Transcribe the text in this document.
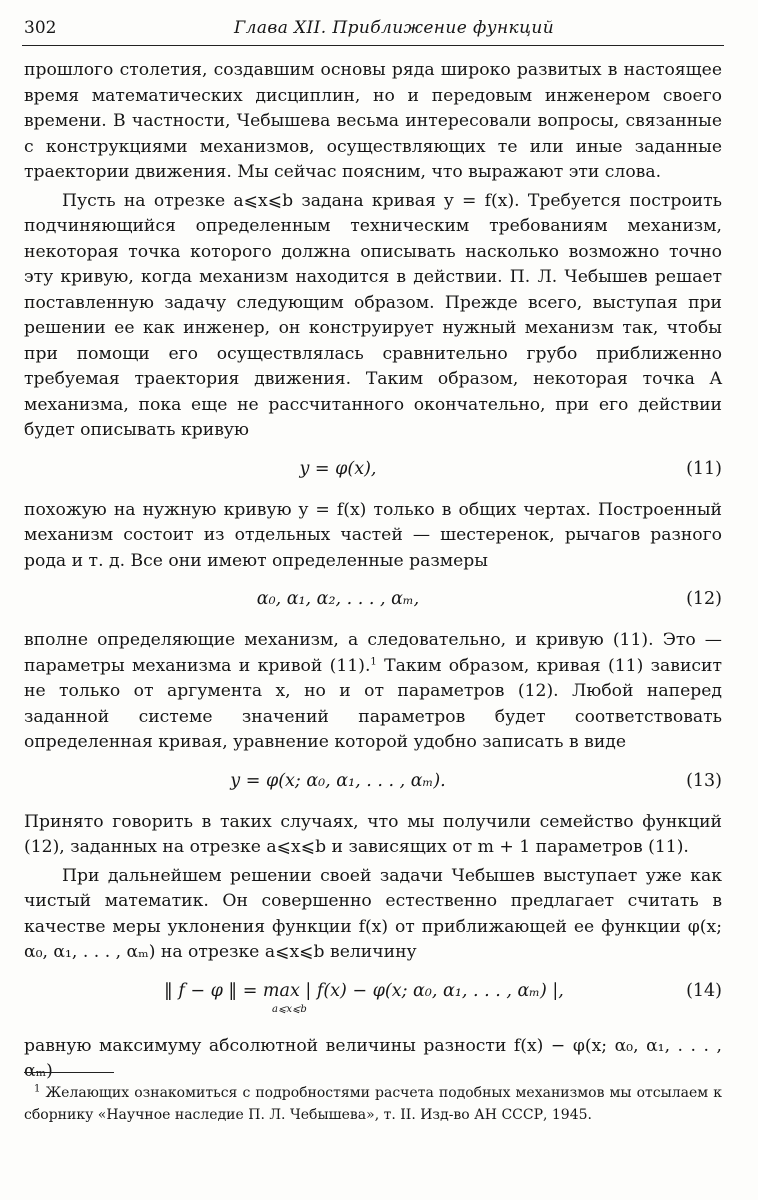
302	Глава XII. Приближение функций

прошлого столетия, создавшим основы ряда широко развитых в настоящее время математических дисциплин, но и передовым инженером своего времени. В частности, Чебышева весьма интересовали вопросы, связанные с конструкциями механизмов, осуществляющих те или иные заданные траектории движения. Мы сейчас поясним, что выражают эти слова.

Пусть на отрезке a⩽x⩽b задана кривая y = f(x). Требуется построить подчиняющийся определенным техническим требованиям механизм, некоторая точка которого должна описывать насколько возможно точно эту кривую, когда механизм находится в действии. П. Л. Чебышев решает поставленную задачу следующим образом. Прежде всего, выступая при решении ее как инженер, он конструирует нужный механизм так, чтобы при помощи его осуществлялась сравнительно грубо приближенно требуемая траектория движения. Таким образом, некоторая точка A механизма, пока еще не рассчитанного окончательно, при его действии будет описывать кривую

y = φ(x),	(11)

похожую на нужную кривую y = f(x) только в общих чертах. Построенный механизм состоит из отдельных частей — шестеренок, рычагов разного рода и т. д. Все они имеют определенные размеры

α₀, α₁, α₂, . . . , αₘ,	(12)

вполне определяющие механизм, а следовательно, и кривую (11). Это — параметры механизма и кривой (11).$^1$ Таким образом, кривая (11) зависит не только от аргумента x, но и от параметров (12). Любой наперед заданной системе значений параметров будет соответствовать определенная кривая, уравнение которой удобно записать в виде

y = φ(x; α₀, α₁, . . . , αₘ).	(13)

Принято говорить в таких случаях, что мы получили семейство функций (12), заданных на отрезке a⩽x⩽b и зависящих от m + 1 параметров (11).

При дальнейшем решении своей задачи Чебышев выступает уже как чистый математик. Он совершенно естественно предлагает считать в качестве меры уклонения функции f(x) от приближающей ее функции φ(x; α₀, α₁, . . . , αₘ) на отрезке a⩽x⩽b величину

‖ f − φ ‖ = max | f(x) − φ(x; α₀, α₁, . . . , αₘ) |,
a⩽x⩽b
(14)

равную максимуму абсолютной величины разности f(x) − φ(x; α₀, α₁, . . . , αₘ)

$^1$ Желающих ознакомиться с подробностями расчета подобных механизмов мы отсылаем к сборнику «Научное наследие П. Л. Чебышева», т. II. Изд-во АН СССР, 1945.
